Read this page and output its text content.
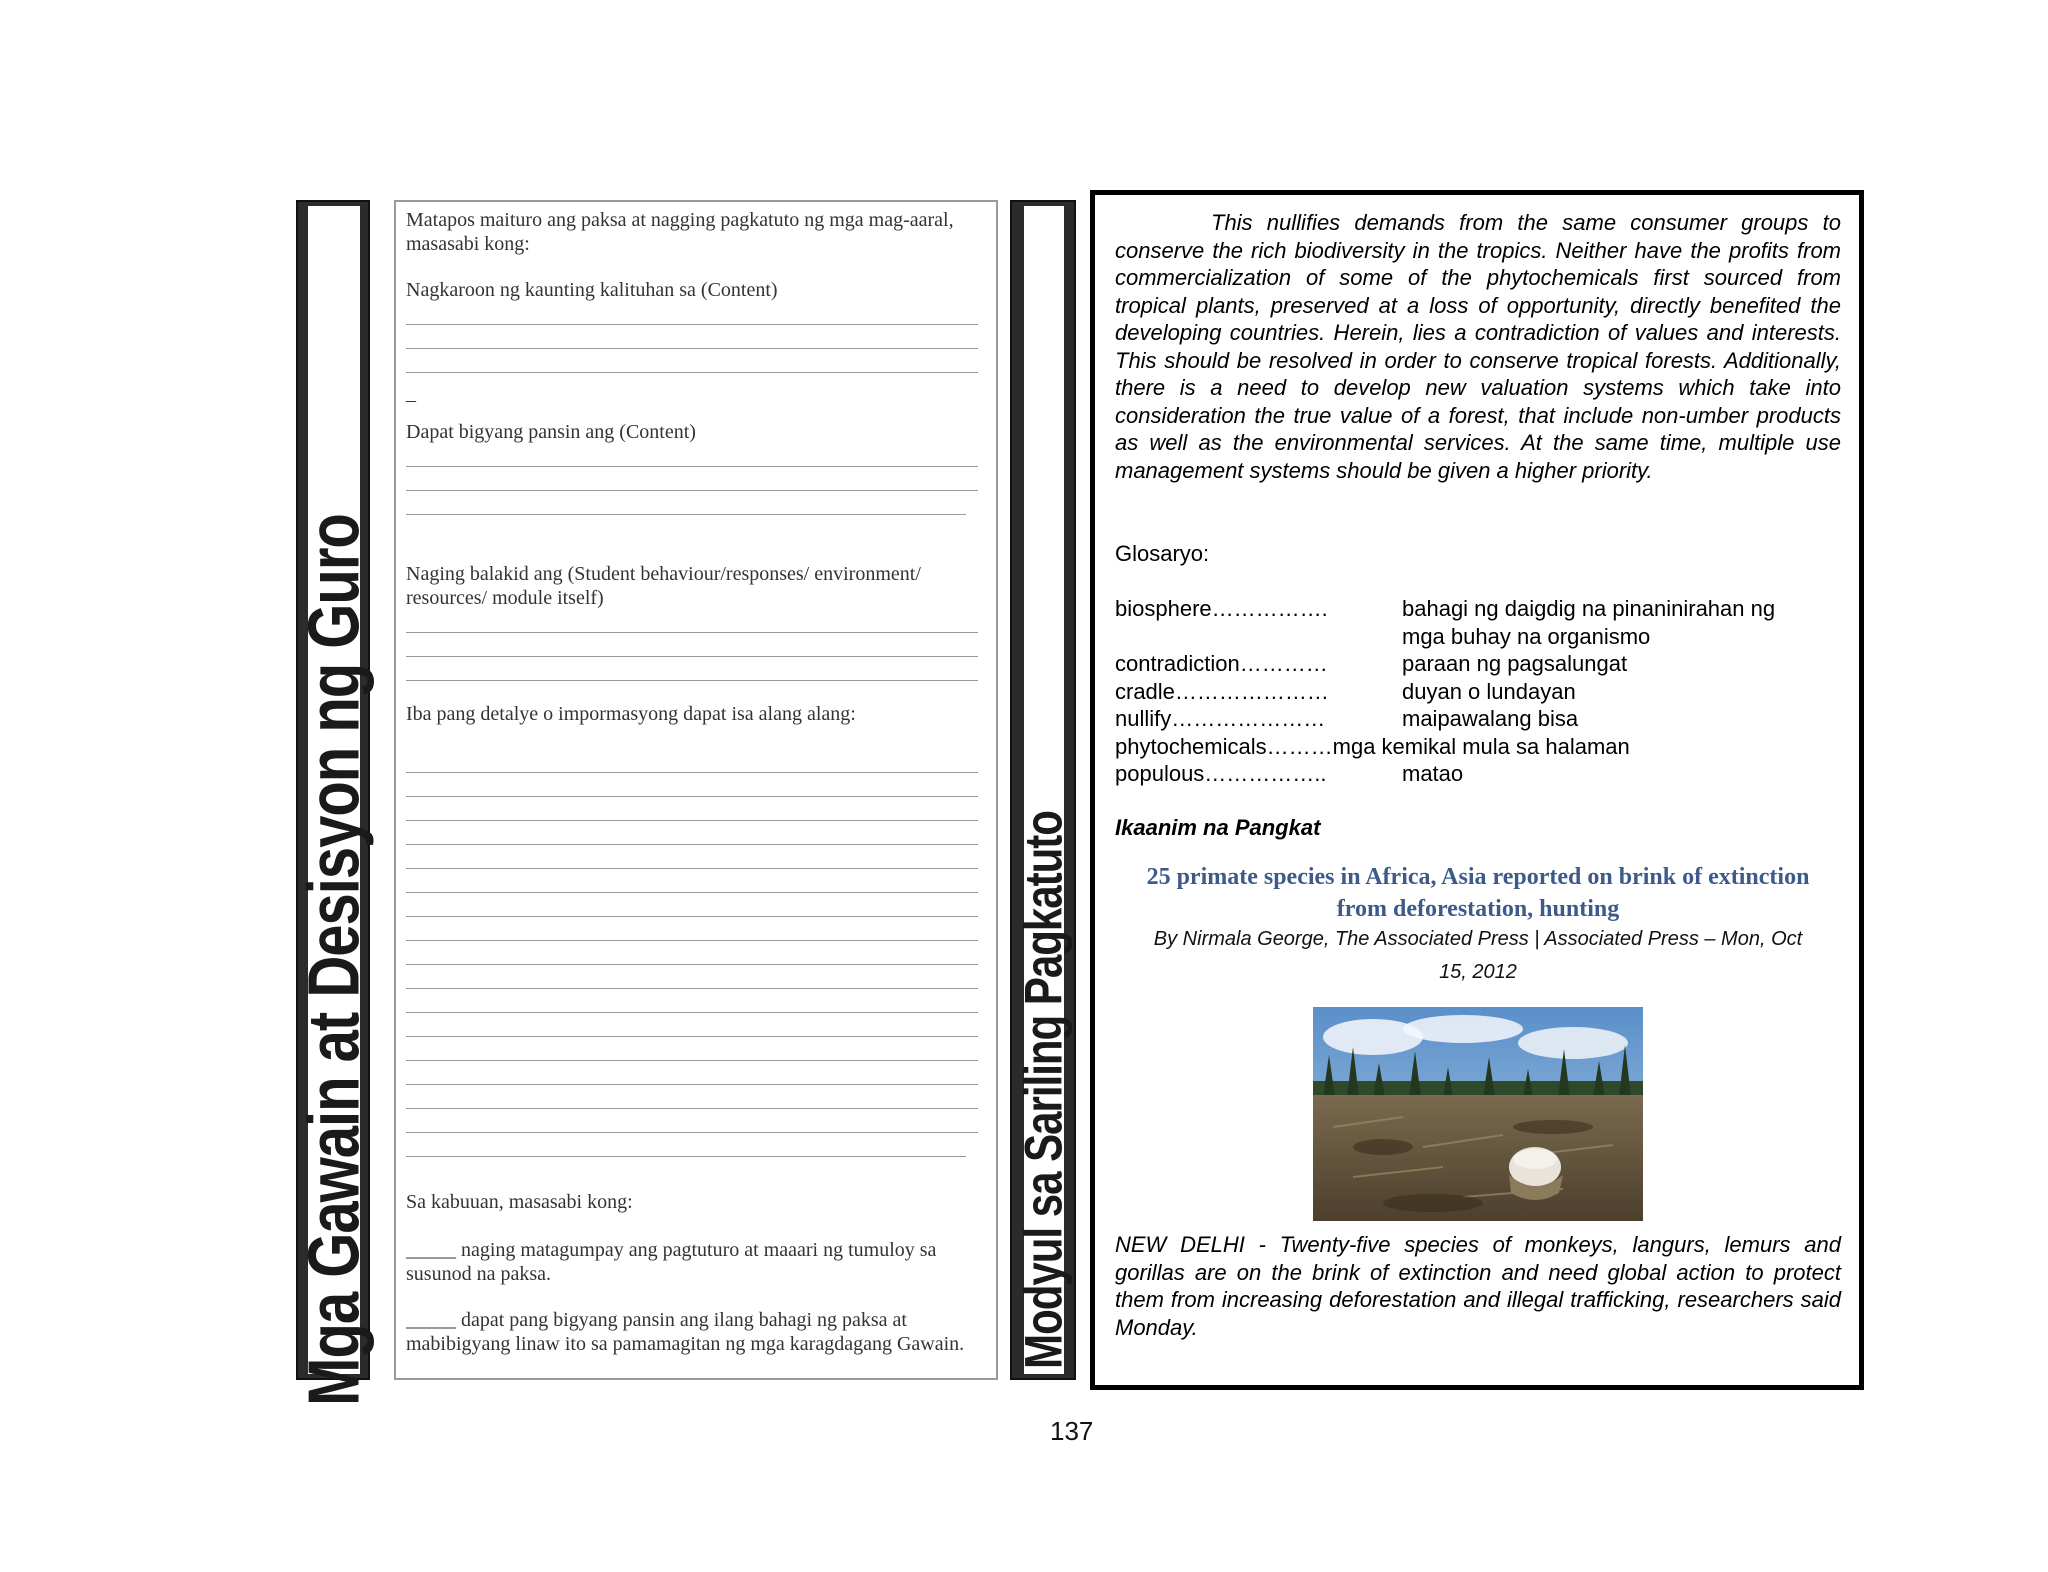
Mga Gawain at Desisyon ng Guro
Matapos maituro ang paksa at nagging pagkatuto ng mga mag-aaral, masasabi kong:
Nagkaroon ng kaunting kalituhan sa (Content)
–
Dapat bigyang pansin ang (Content)
Naging balakid ang (Student behaviour/responses/ environment/ resources/ module itself)
Iba pang detalye o impormasyong dapat isa alang alang:
Sa kabuuan, masasabi kong:
_____ naging matagumpay ang pagtuturo at maaari ng tumuloy sa susunod na paksa.
_____ dapat pang bigyang pansin ang ilang bahagi ng paksa at mabibigyang linaw ito sa pamamagitan ng mga karagdagang Gawain.	Modyul sa Sariling Pagkatuto
This nullifies demands from the same consumer groups to conserve the rich biodiversity in the tropics. Neither have the profits from commercialization of some of the phytochemicals first sourced from tropical plants, preserved at a loss of opportunity, directly benefited the developing countries. Herein, lies a contradiction of values and interests. This should be resolved in order to conserve tropical forests. Additionally, there is a need to develop new valuation systems which take into consideration the true value of a forest, that include non-umber products as well as the environmental services. At the same time, multiple use management systems should be given a higher priority.
Glosaryo:
biosphere…………….	bahagi ng daigdig na pinaninirahan ng
mga buhay na organismo
contradiction…………	paraan ng pagsalungat
cradle…………………	duyan o lundayan
nullify…………………	maipawalang bisa
phytochemicals………mga kemikal mula sa halaman
populous……………..	matao
Ikaanim na Pangkat
25 primate species in Africa, Asia reported on brink of extinction
from deforestation, hunting
By Nirmala George, The Associated Press | Associated Press – Mon, Oct
15, 2012
NEW DELHI - Twenty-five species of monkeys, langurs, lemurs and gorillas are on the brink of extinction and need global action to protect them from increasing deforestation and illegal trafficking, researchers said Monday.
137
